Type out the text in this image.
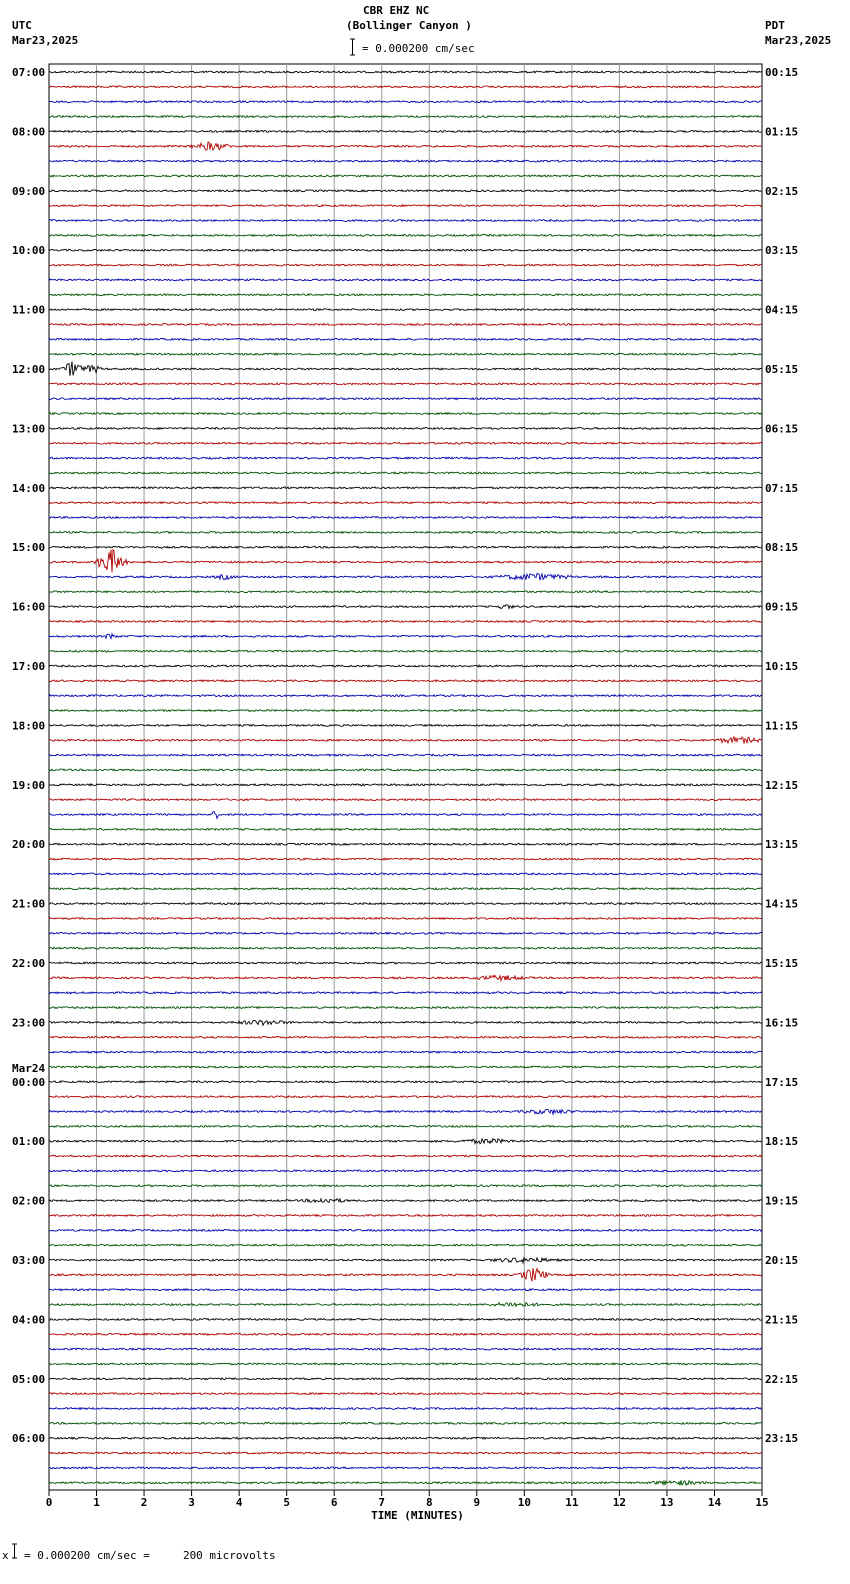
CBR EHZ NC
(Bollinger Canyon )
= 0.000200 cm/sec
UTC
Mar23,2025
PDT
Mar23,2025
07:00	00:15
08:00	01:15
09:00	02:15
10:00	03:15
11:00	04:15
12:00	05:15
13:00	06:15
14:00	07:15
15:00	08:15
16:00	09:15
17:00	10:15
18:00	11:15
19:00	12:15
20:00	13:15
21:00	14:15
22:00	15:15
23:00	16:15
00:00	17:15
Mar24
01:00	18:15
02:00	19:15
03:00	20:15
04:00	21:15
05:00	22:15
06:00	23:15
0	1	2	3	4	5	6	7	8	9	10	11	12	13	14	15
TIME (MINUTES)
x = 0.000200 cm/sec =     200 microvolts
